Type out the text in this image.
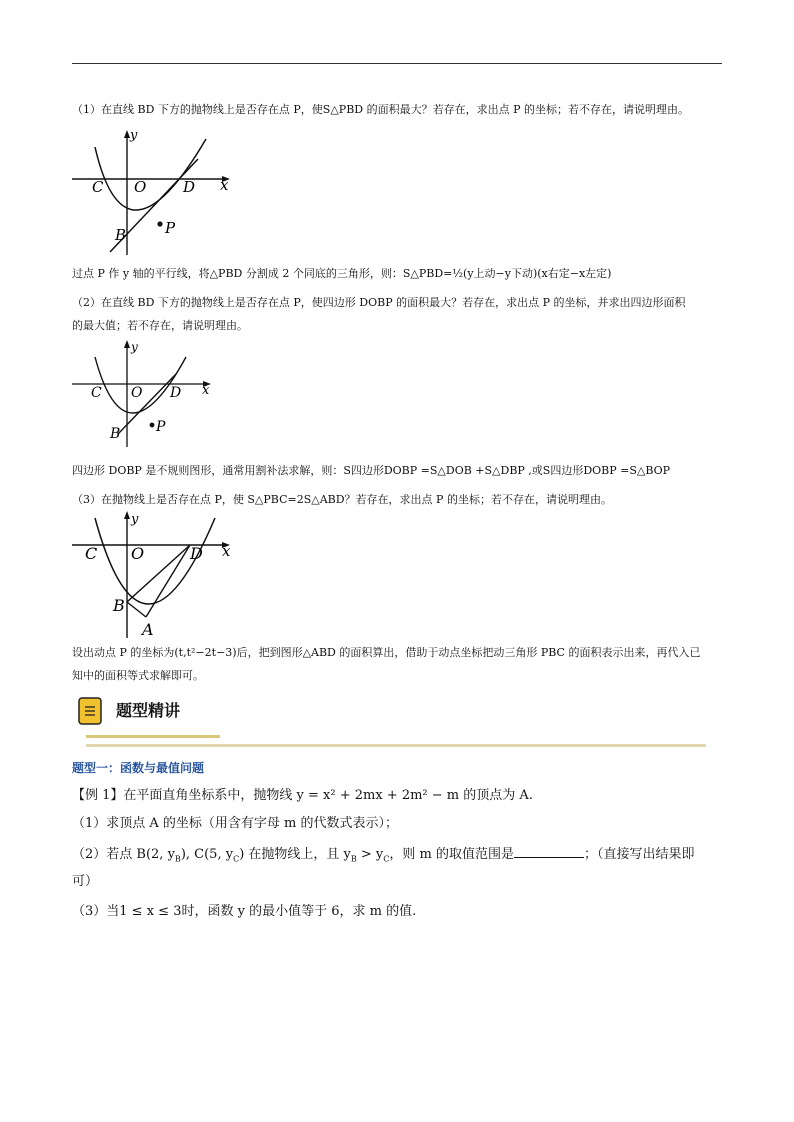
（1）在直线 BD 下方的抛物线上是否存在点 P，使S△PBD 的面积最大？若存在，求出点 P 的坐标；若不存在，请说明理由。
y
x
C O D
B	P
过点 P 作 y 轴的平行线，将△PBD 分割成 2 个同底的三角形，则：S△PBD=½(y上动−y下动)(x右定−x左定)
（2）在直线 BD 下方的抛物线上是否存在点 P，使四边形 DOBP 的面积最大？若存在，求出点 P 的坐标，并求出四边形面积
的最大值；若不存在，请说明理由。
y
x
C O D
B	P
四边形 DOBP 是不规则图形，通常用割补法求解，则：S四边形DOBP =S△DOB +S△DBP ,或S四边形DOBP =S△BOP
（3）在抛物线上是否存在点 P，使 S△PBC=2S△ABD？若存在，求出点 P 的坐标；若不存在，请说明理由。
y
x
C O	D
B
A
设出动点 P 的坐标为(t,t²−2t−3)后，把到图形△ABD 的面积算出，借助于动点坐标把动三角形 PBC 的面积表示出来，再代入已
知中的面积等式求解即可。
题型精讲
题型一：函数与最值问题
【例 1】在平面直角坐标系中，抛物线 y = x² + 2mx + 2m² − m 的顶点为 A.
（1）求顶点 A 的坐标（用含有字母 m 的代数式表示）；
（2）若点 B(2, $y_B$), C(5, $y_C$) 在抛物线上，且 $y_B > y_C$，则 m 的取值范围是	；（直接写出结果即
可）
（3）当1 ≤ x ≤ 3时，函数 y 的最小值等于 6，求 m 的值.
